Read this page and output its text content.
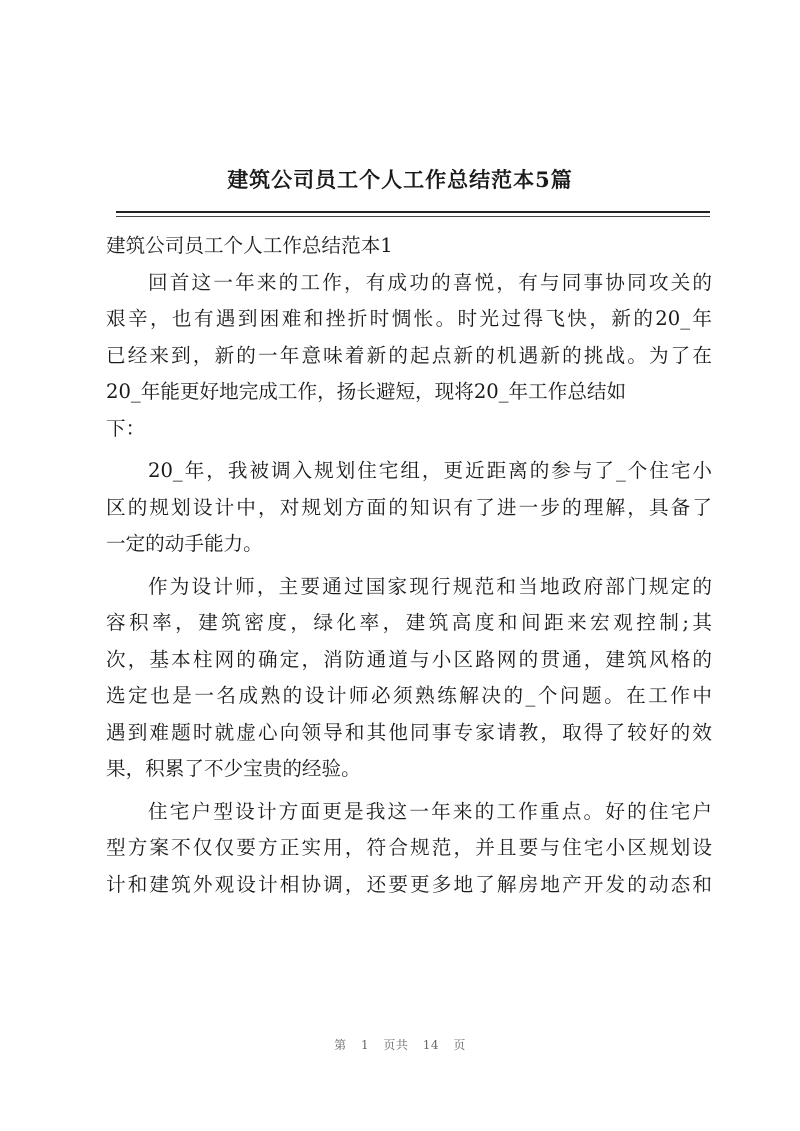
建筑公司员工个人工作总结范本5篇
建筑公司员工个人工作总结范本1
回首这一年来的工作，有成功的喜悦，有与同事协同攻关的
艰辛，也有遇到困难和挫折时惆怅。时光过得飞快，新的20_年
已经来到，新的一年意味着新的起点新的机遇新的挑战。为了在
20_年能更好地完成工作，扬长避短，现将20_年工作总结如
下：
20_年，我被调入规划住宅组，更近距离的参与了_个住宅小
区的规划设计中，对规划方面的知识有了进一步的理解，具备了
一定的动手能力。
作为设计师，主要通过国家现行规范和当地政府部门规定的
容积率，建筑密度，绿化率，建筑高度和间距来宏观控制;其
次，基本柱网的确定，消防通道与小区路网的贯通，建筑风格的
选定也是一名成熟的设计师必须熟练解决的_个问题。在工作中
遇到难题时就虚心向领导和其他同事专家请教，取得了较好的效
果，积累了不少宝贵的经验。
住宅户型设计方面更是我这一年来的工作重点。好的住宅户
型方案不仅仅要方正实用，符合规范，并且要与住宅小区规划设
计和建筑外观设计相协调，还要更多地了解房地产开发的动态和
第 1 页共 14 页
